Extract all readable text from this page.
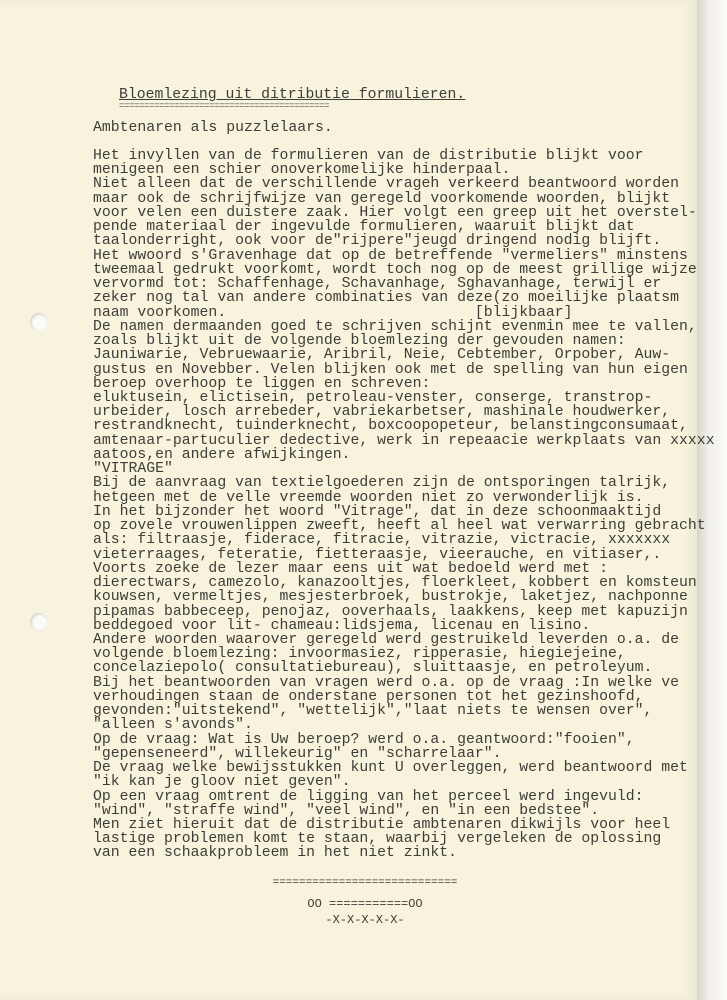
Bloemlezing uit ditributie formulieren.
==========================================
Ambtenaren als puzzlelaars.
Het invyllen van de formulieren van de distributie blijkt voor
menigeen een schier onoverkomelijke hinderpaal.
Niet alleen dat de verschillende vrageh verkeerd beantwoord worden
maar ook de schrijfwijze van geregeld voorkomende woorden, blijkt
voor velen een duistere zaak. Hier volgt een greep uit het overstel-
pende materiaal der ingevulde formulieren, waaruit blijkt dat
taalonderright, ook voor de"rijpere"jeugd dringend nodig blijft.
Het wwoord s'Gravenhage dat op de betreffende "vermeliers" minstens
tweemaal gedrukt voorkomt, wordt toch nog op de meest grillige wijze
vervormd tot: Schaffenhage, Schavanhage, Sghavanhage, terwijl er
zeker nog tal van andere combinaties van deze(zo moeilijke plaatsm
naam voorkomen.                            [blijkbaar]
De namen dermaanden goed te schrijven schijnt evenmin mee te vallen,
zoals blijkt uit de volgende bloemlezing der gevouden namen:
Jauniwarie, Vebruewaarie, Aribril, Neie, Cebtember, Orpober, Auw-
gustus en Novebber. Velen blijken ook met de spelling van hun eigen
beroep overhoop te liggen en schreven:
eluktusein, elictisein, petroleau-venster, conserge, transtrop-
urbeider, losch arrebeder, vabriekarbetser, mashinale houdwerker,
restrandknecht, tuinderknecht, boxcoopopeteur, belanstingconsumaat,
amtenaar-partuculier dedective, werk in repeaacie werkplaats van xxxxx
aatoos,en andere afwijkingen.
"VITRAGE"
Bij de aanvraag van textielgoederen zijn de ontsporingen talrijk,
hetgeen met de velle vreemde woorden niet zo verwonderlijk is.
In het bijzonder het woord "Vitrage", dat in deze schoonmaaktijd
op zovele vrouwenlippen zweeft, heeft al heel wat verwarring gebracht
als: filtraasje, fiderace, fitracie, vitrazie, victracie, xxxxxxx
vieterraages, feteratie, fietteraasje, vieerauche, en vitiaser,.
Voorts zoeke de lezer maar eens uit wat bedoeld werd met :
dierectwars, camezolo, kanazooltjes, floerkleet, kobbert en komsteun
kouwsen, vermeltjes, mesjesterbroek, bustrokje, laketjez, nachponne
pipamas babbeceep, penojaz, ooverhaals, laakkens, keep met kapuzijn
beddegoed voor lit- chameau:lidsjema, licenau en lisino.
Andere woorden waarover geregeld werd gestruikeld leverden o.a. de
volgende bloemlezing: invoormasiez, ripperasie, hiegiejeine,
concelaziepolo( consultatiebureau), sluittaasje, en petroleyum.
Bij het beantwoorden van vragen werd o.a. op de vraag :In welke ve
verhoudingen staan de onderstane personen tot het gezinshoofd,
gevonden:"uitstekend", "wettelijk","laat niets te wensen over",
"alleen s'avonds".
Op de vraag: Wat is Uw beroep? werd o.a. geantwoord:"fooien",
"gepenseneerd", willekeurig" en "scharrelaar".
De vraag welke bewijsstukken kunt U overleggen, werd beantwoord met
"ik kan je gloov niet geven".
Op een vraag omtrent de ligging van het perceel werd ingevuld:
"wind", "straffe wind", "veel wind", en "in een bedstee".
Men ziet hieruit dat de distributie ambtenaren dikwijls voor heel
lastige problemen komt te staan, waarbij vergeleken de oplossing
van een schaakprobleem in het niet zinkt.
============================
OO ===========OO
-X-X-X-X-X-
